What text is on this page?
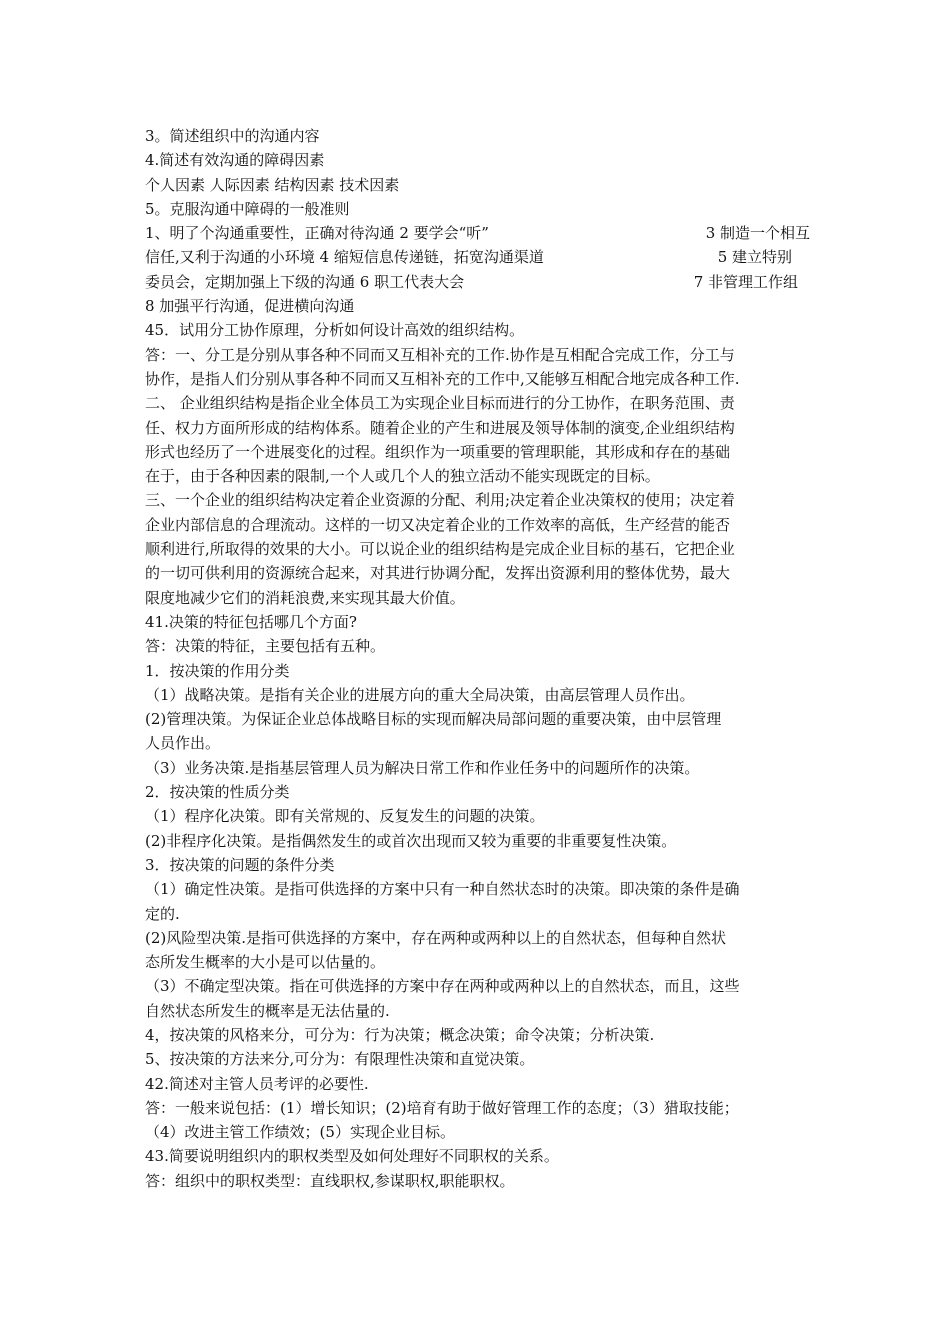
3。简述组织中的沟通内容
4.简述有效沟通的障碍因素
个人因素 人际因素 结构因素 技术因素
5。克服沟通中障碍的一般准则
1、明了个沟通重要性，正确对待沟通 2 要学会“听”	3 制造一个相互
信任,又利于沟通的小环境 4 缩短信息传递链，拓宽沟通渠道	5 建立特别
委员会，定期加强上下级的沟通 6 职工代表大会	7 非管理工作组
8 加强平行沟通，促进横向沟通
45．试用分工协作原理，分析如何设计高效的组织结构。
答：一、分工是分别从事各种不同而又互相补充的工作.协作是互相配合完成工作，分工与
协作，是指人们分别从事各种不同而又互相补充的工作中,又能够互相配合地完成各种工作.
二、 企业组织结构是指企业全体员工为实现企业目标而进行的分工协作，在职务范围、责
任、权力方面所形成的结构体系。随着企业的产生和进展及领导体制的演变,企业组织结构
形式也经历了一个进展变化的过程。组织作为一项重要的管理职能，其形成和存在的基础
在于，由于各种因素的限制,一个人或几个人的独立活动不能实现既定的目标。
三、一个企业的组织结构决定着企业资源的分配、利用;决定着企业决策权的使用；决定着
企业内部信息的合理流动。这样的一切又决定着企业的工作效率的高低，生产经营的能否
顺利进行,所取得的效果的大小。可以说企业的组织结构是完成企业目标的基石，它把企业
的一切可供利用的资源统合起来，对其进行协调分配，发挥出资源利用的整体优势，最大
限度地减少它们的消耗浪费,来实现其最大价值。
41.决策的特征包括哪几个方面?
答：决策的特征，主要包括有五种。
1．按决策的作用分类
（1）战略决策。是指有关企业的进展方向的重大全局决策，由高层管理人员作出。
(2)管理决策。为保证企业总体战略目标的实现而解决局部问题的重要决策，由中层管理
人员作出。
（3）业务决策.是指基层管理人员为解决日常工作和作业任务中的问题所作的决策。
2．按决策的性质分类
（1）程序化决策。即有关常规的、反复发生的问题的决策。
(2)非程序化决策。是指偶然发生的或首次出现而又较为重要的非重要复性决策。
3．按决策的问题的条件分类
（1）确定性决策。是指可供选择的方案中只有一种自然状态时的决策。即决策的条件是确
定的.
(2)风险型决策.是指可供选择的方案中，存在两种或两种以上的自然状态，但每种自然状
态所发生概率的大小是可以估量的。
（3）不确定型决策。指在可供选择的方案中存在两种或两种以上的自然状态，而且，这些
自然状态所发生的概率是无法估量的.
4，按决策的风格来分，可分为：行为决策；概念决策；命令决策；分析决策.
5、按决策的方法来分,可分为：有限理性决策和直觉决策。
42.简述对主管人员考评的必要性.
答：一般来说包括：(1）增长知识；(2)培育有助于做好管理工作的态度；（3）猎取技能；
（4）改进主管工作绩效；(5）实现企业目标。
43.简要说明组织内的职权类型及如何处理好不同职权的关系。
答：组织中的职权类型：直线职权,参谋职权,职能职权。
